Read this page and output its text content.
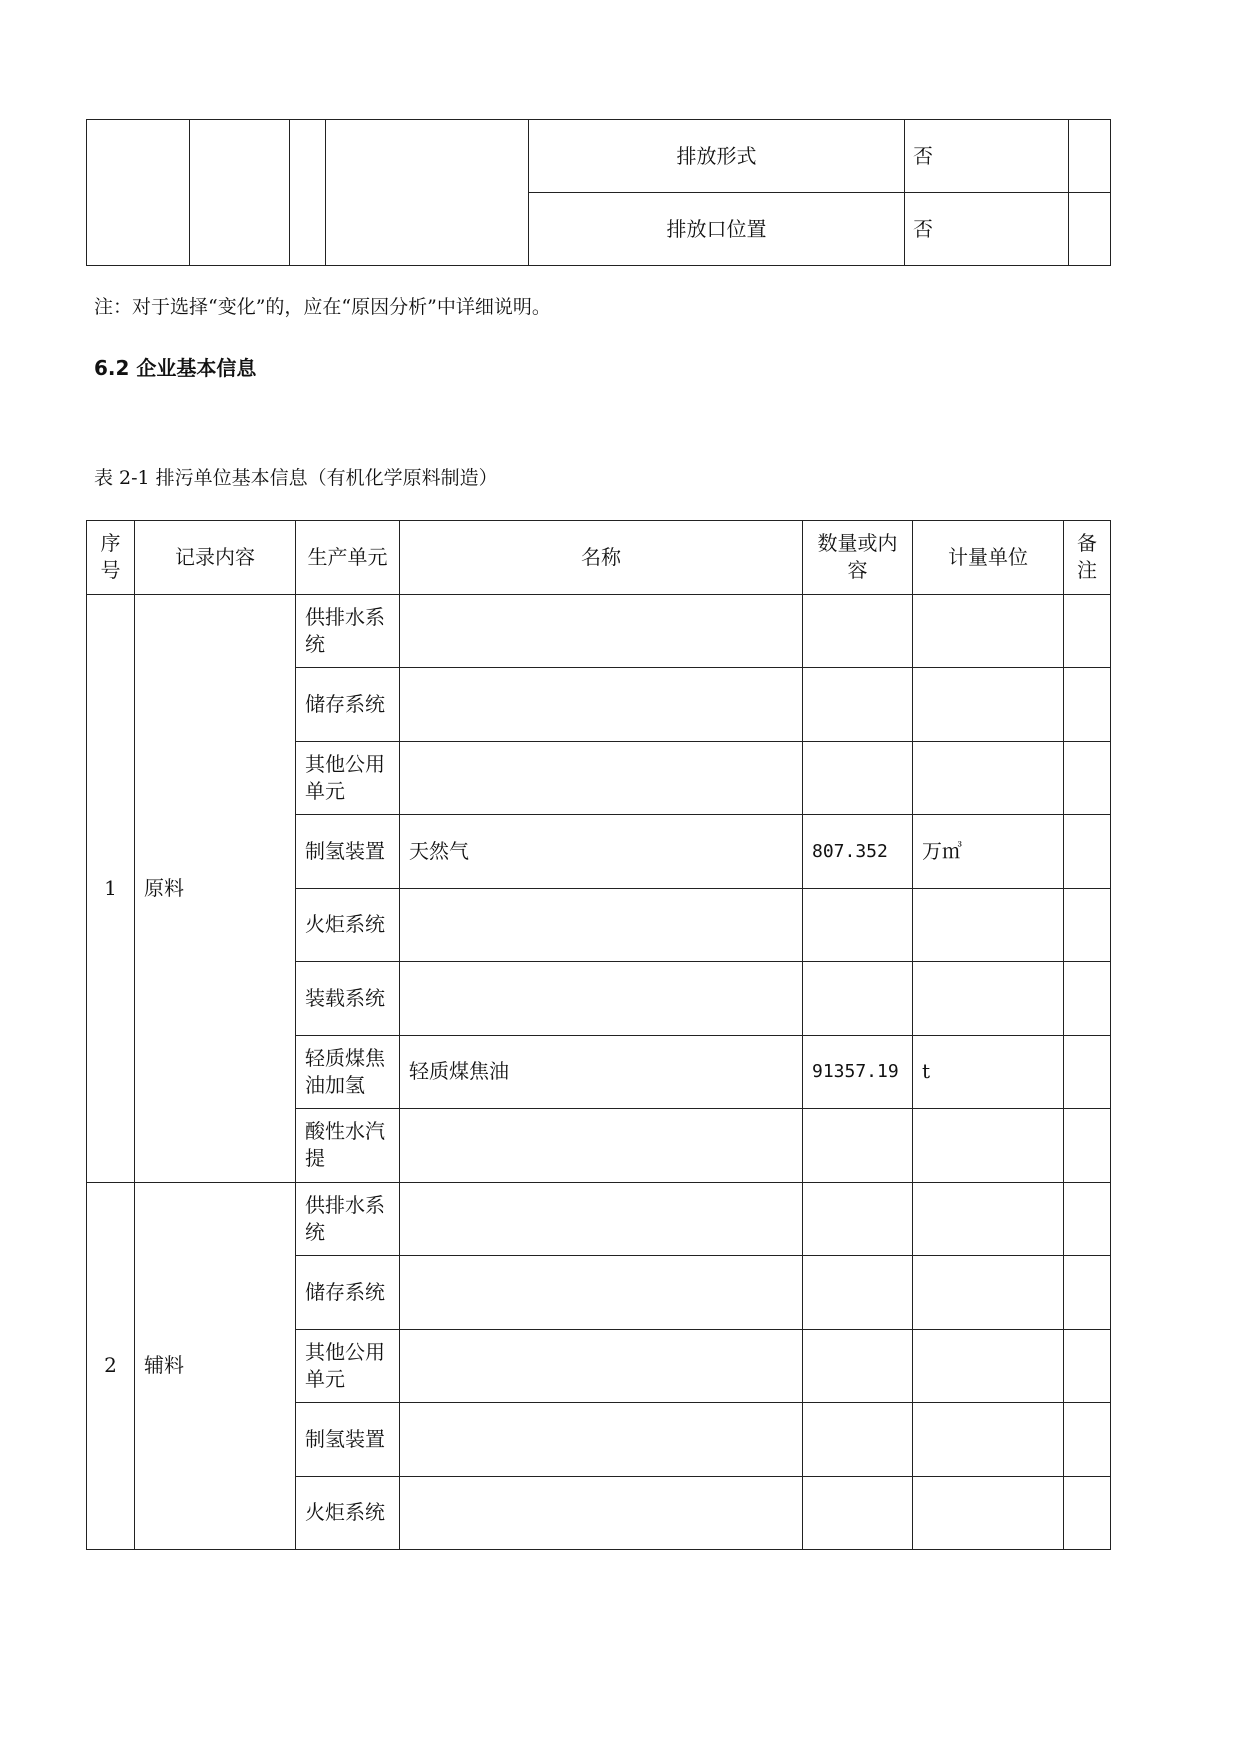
				排放形式	否	
				排放口位置	否	
注：对于选择“变化”的，应在“原因分析”中详细说明。
6.2 企业基本信息
表 2-1 排污单位基本信息（有机化学原料制造）
序号	记录内容	生产单元	名称	数量或内容	计量单位	备注
1	原料	供排水系统				
		储存系统				
		其他公用单元				
		制氢装置	天然气	807.352	万㎥	
		火炬系统				
		装载系统				
		轻质煤焦油加氢	轻质煤焦油	91357.19	t	
		酸性水汽提				
2	辅料	供排水系统				
		储存系统				
		其他公用单元				
		制氢装置				
		火炬系统				
